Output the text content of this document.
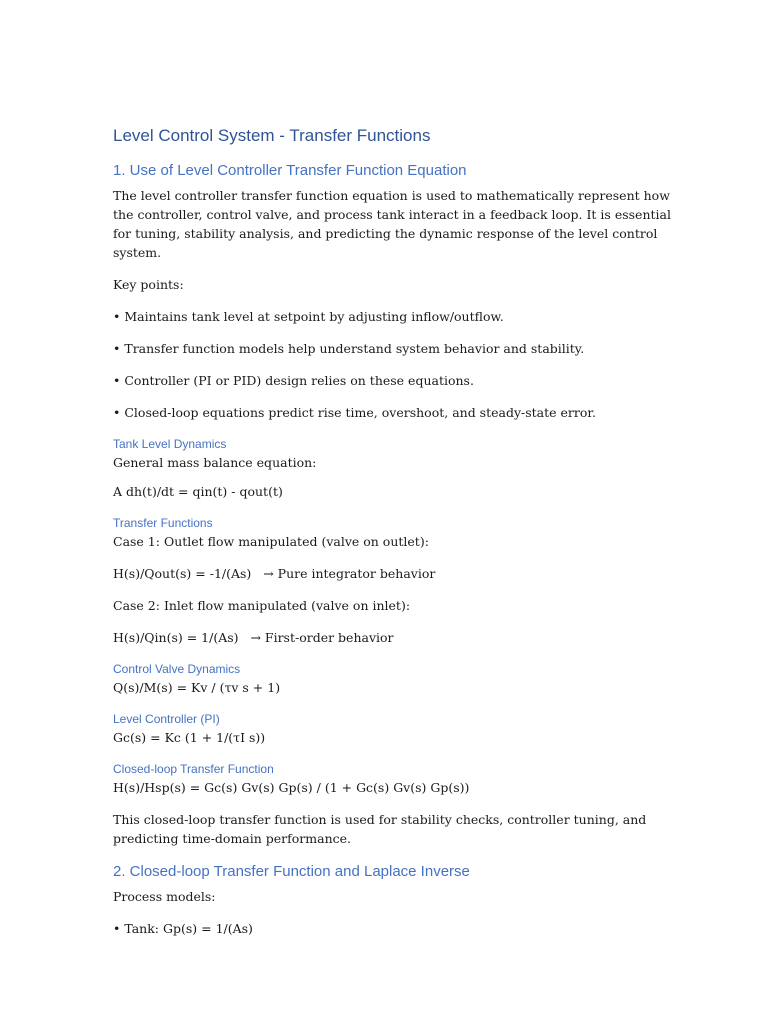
Level Control System - Transfer Functions
1. Use of Level Controller Transfer Function Equation

The level controller transfer function equation is used to mathematically represent how the controller, control valve, and process tank interact in a feedback loop. It is essential for tuning, stability analysis, and predicting the dynamic response of the level control system.

Key points:

• Maintains tank level at setpoint by adjusting inflow/outflow.

• Transfer function models help understand system behavior and stability.

• Controller (PI or PID) design relies on these equations.

• Closed-loop equations predict rise time, overshoot, and steady-state error.

Tank Level Dynamics

General mass balance equation:

A dh(t)/dt = qin(t) - qout(t)

Transfer Functions

Case 1: Outlet flow manipulated (valve on outlet):

H(s)/Qout(s) = -1/(As)   → Pure integrator behavior

Case 2: Inlet flow manipulated (valve on inlet):

H(s)/Qin(s) = 1/(As)   → First-order behavior

Control Valve Dynamics

Q(s)/M(s) = Kv / (τv s + 1)

Level Controller (PI)

Gc(s) = Kc (1 + 1/(τI s))

Closed-loop Transfer Function

H(s)/Hsp(s) = Gc(s) Gv(s) Gp(s) / (1 + Gc(s) Gv(s) Gp(s))

This closed-loop transfer function is used for stability checks, controller tuning, and predicting time-domain performance.

2. Closed-loop Transfer Function and Laplace Inverse

Process models:

• Tank: Gp(s) = 1/(As)
